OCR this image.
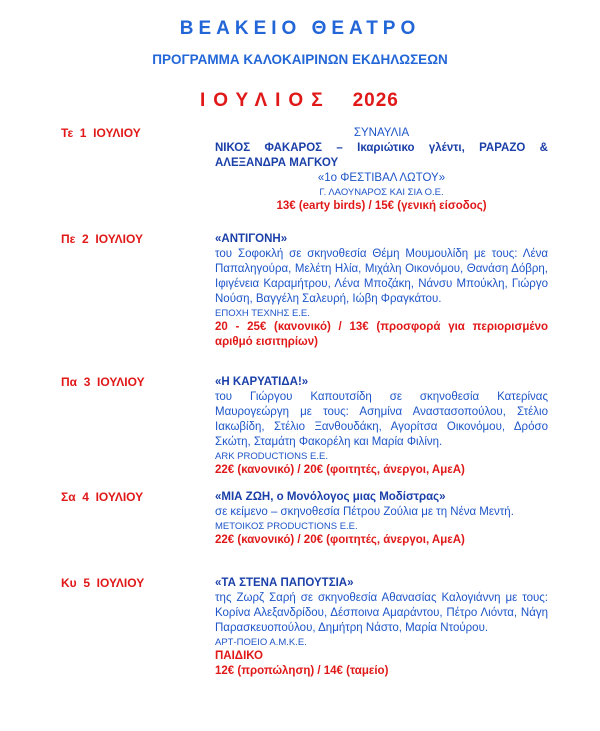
ΒΕΑΚΕΙΟ ΘΕΑΤΡΟ
ΠΡΟΓΡΑΜΜΑ ΚΑΛΟΚΑΙΡΙΝΩΝ ΕΚΔΗΛΩΣΕΩΝ
ΙΟΥΛΙΟΣ 2026
Τε  1  ΙΟΥΛΙΟΥ	ΣΥΝΑΥΛΙΑ
ΝΙΚΟΣ ΦΑΚΑΡΟΣ – Ικαριώτικο γλέντι, ΡΑΡΑΖΟ & ΑΛΕΞΑΝΔΡΑ ΜΑΓΚΟΥ
«1ο ΦΕΣΤΙΒΑΛ ΛΩΤΟΥ»
Γ. ΛΑΟΥΝΑΡΟΣ ΚΑΙ ΣΙΑ Ο.Ε.
13€ (earty birds) / 15€ (γενική είσοδος)
Πε  2  ΙΟΥΛΙΟΥ	«ΑΝΤΙΓΟΝΗ»
του Σοφοκλή σε σκηνοθεσία Θέμη Μουμουλίδη με τους: Λένα Παπαληγούρα, Μελέτη Ηλία, Μιχάλη Οικονόμου, Θανάση Δόβρη, Ιφιγένεια Καραμήτρου, Λένα Μποζάκη, Νάνσυ Μπούκλη, Γιώργο Νούση, Βαγγέλη Σαλευρή, Ιώβη Φραγκάτου.
ΕΠΟΧΗ ΤΕΧΝΗΣ Ε.Ε.
20 - 25€ (κανονικό) / 13€ (προσφορά για περιορισμένο αριθμό εισιτηρίων)
Πα  3  ΙΟΥΛΙΟΥ	«Η ΚΑΡΥΑΤΙΔΑ!»
του Γιώργου Καπουτσίδη σε σκηνοθεσία Κατερίνας Μαυρογεώργη με τους: Ασημίνα Αναστασοπούλου, Στέλιο Ιακωβίδη, Στέλιο Ξανθουδάκη, Αγορίτσα Οικονόμου, Δρόσο Σκώτη, Σταμάτη Φακορέλη και Μαρία Φιλίνη.
ARK PRODUCTIONS E.E.
22€ (κανονικό) / 20€ (φοιτητές, άνεργοι, ΑμεΑ)
Σα  4  ΙΟΥΛΙΟΥ	«ΜΙΑ ΖΩΗ, ο Μονόλογος μιας Μοδίστρας»
σε κείμενο – σκηνοθεσία Πέτρου Ζούλια με τη Νένα Μεντή.
ΜΕΤΟΙΚΟΣ PRODUCTIONS Ε.Ε.
22€ (κανονικό) / 20€ (φοιτητές, άνεργοι, ΑμεΑ)
Κυ  5  ΙΟΥΛΙΟΥ	«ΤΑ ΣΤΕΝΑ ΠΑΠΟΥΤΣΙΑ»
της Ζωρζ Σαρή σε σκηνοθεσία Αθανασίας Καλογιάννη με τους: Κορίνα Αλεξανδρίδου, Δέσποινα Αμαράντου, Πέτρο Λιόντα, Νάγη Παρασκευοπούλου, Δημήτρη Νάστο, Μαρία Ντούρου.
ΑΡΤ-ΠΟΕΙΟ Α.Μ.Κ.Ε.
ΠΑΙΔΙΚΟ
12€ (προπώληση) / 14€ (ταμείο)
